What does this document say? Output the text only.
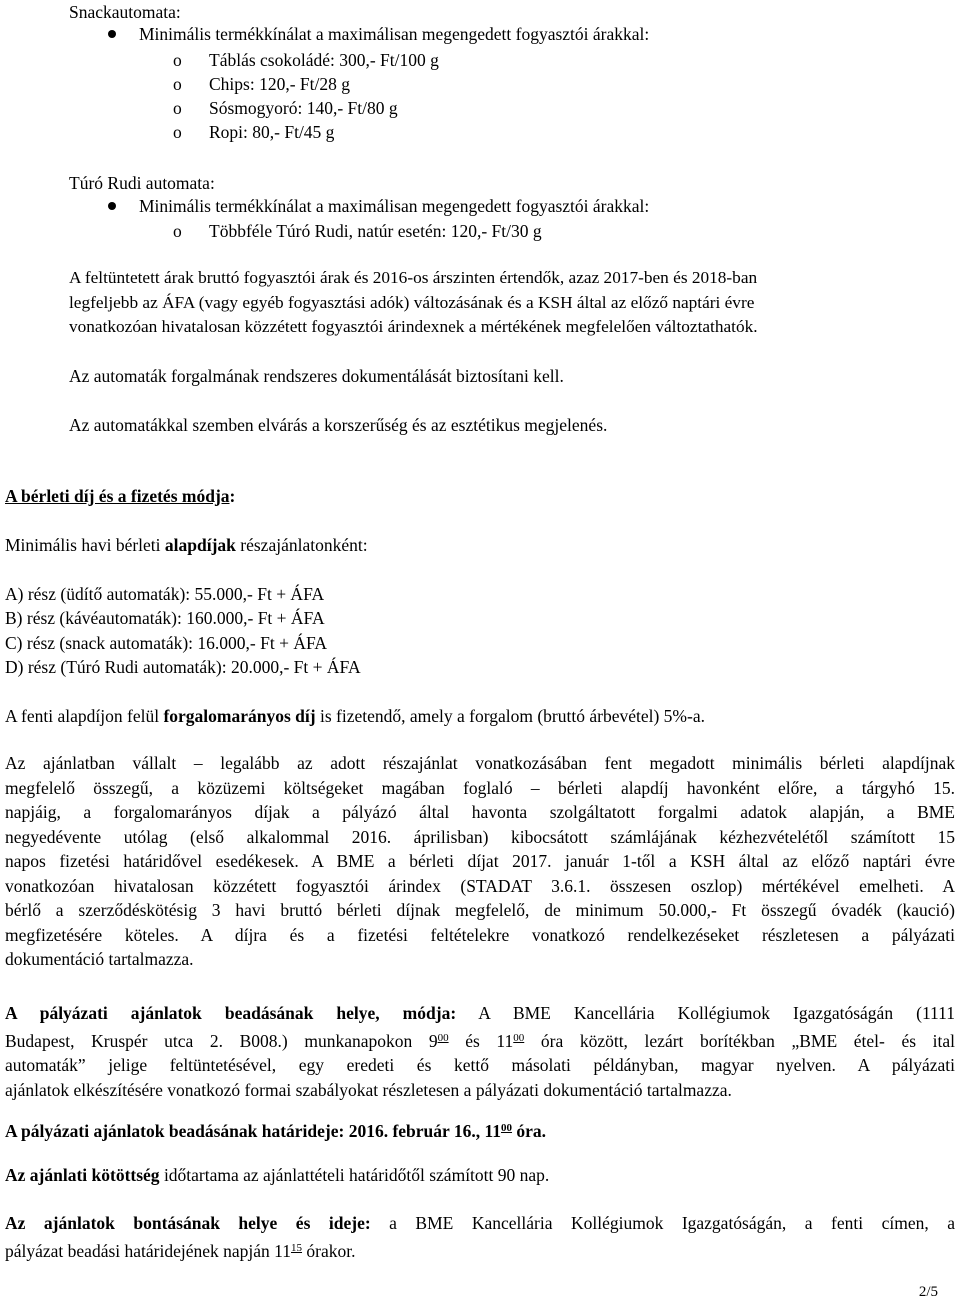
Snackautomata:
Minimális termékkínálat a maximálisan megengedett fogyasztói árakkal:
o Táblás csokoládé: 300,- Ft/100 g
o Chips: 120,- Ft/28 g
o Sósmogyoró: 140,- Ft/80 g
o Ropi: 80,- Ft/45 g
Túró Rudi automata:
Minimális termékkínálat a maximálisan megengedett fogyasztói árakkal:
o Többféle Túró Rudi, natúr esetén: 120,- Ft/30 g
A feltüntetett árak bruttó fogyasztói árak és 2016-os árszinten értendők, azaz 2017-ben és 2018-ban
legfeljebb az ÁFA (vagy egyéb fogyasztási adók) változásának és a KSH által az előző naptári évre
vonatkozóan hivatalosan közzétett fogyasztói árindexnek a mértékének megfelelően változtathatók.
Az automaták forgalmának rendszeres dokumentálását biztosítani kell.
Az automatákkal szemben elvárás a korszerűség és az esztétikus megjelenés.
A bérleti díj és a fizetés módja:
Minimális havi bérleti alapdíjak részajánlatonként:
A) rész (üdítő automaták): 55.000,- Ft + ÁFA
B) rész (kávéautomaták): 160.000,- Ft + ÁFA
C) rész (snack automaták): 16.000,- Ft + ÁFA
D) rész (Túró Rudi automaták): 20.000,- Ft + ÁFA
A fenti alapdíjon felül forgalomarányos díj is fizetendő, amely a forgalom (bruttó árbevétel) 5%-a.
Az ajánlatban vállalt – legalább az adott részajánlat vonatkozásában fent megadott minimális bérleti alapdíjnak
megfelelő összegű, a közüzemi költségeket magában foglaló – bérleti alapdíj havonként előre, a tárgyhó 15.
napjáig, a forgalomarányos díjak a pályázó által havonta szolgáltatott forgalmi adatok alapján, a BME
negyedévente utólag (első alkalommal 2016. áprilisban) kibocsátott számlájának kézhezvételétől számított 15
napos fizetési határidővel esedékesek. A BME a bérleti díjat 2017. január 1-től a KSH által az előző naptári évre
vonatkozóan hivatalosan közzétett fogyasztói árindex (STADAT 3.6.1. összesen oszlop) mértékével emelheti. A
bérlő a szerződéskötésig 3 havi bruttó bérleti díjnak megfelelő, de minimum 50.000,- Ft összegű óvadék (kaució)
megfizetésére köteles. A díjra és a fizetési feltételekre vonatkozó rendelkezéseket részletesen a pályázati
dokumentáció tartalmazza.
A pályázati ajánlatok beadásának helye, módja: A BME Kancellária Kollégiumok Igazgatóságán (1111
Budapest, Kruspér utca 2. B008.) munkanapokon $9^{00}$ és $11^{00}$ óra között, lezárt borítékban „BME étel- és ital
automaták” jelige feltüntetésével, egy eredeti és kettő másolati példányban, magyar nyelven. A pályázati
ajánlatok elkészítésére vonatkozó formai szabályokat részletesen a pályázati dokumentáció tartalmazza.
A pályázati ajánlatok beadásának határideje: 2016. február 16., $11^{00}$ óra.
Az ajánlati kötöttség időtartama az ajánlattételi határidőtől számított 90 nap.
Az ajánlatok bontásának helye és ideje: a BME Kancellária Kollégiumok Igazgatóságán, a fenti címen, a
pályázat beadási határidejének napján $11^{15}$ órakor.
2/5
